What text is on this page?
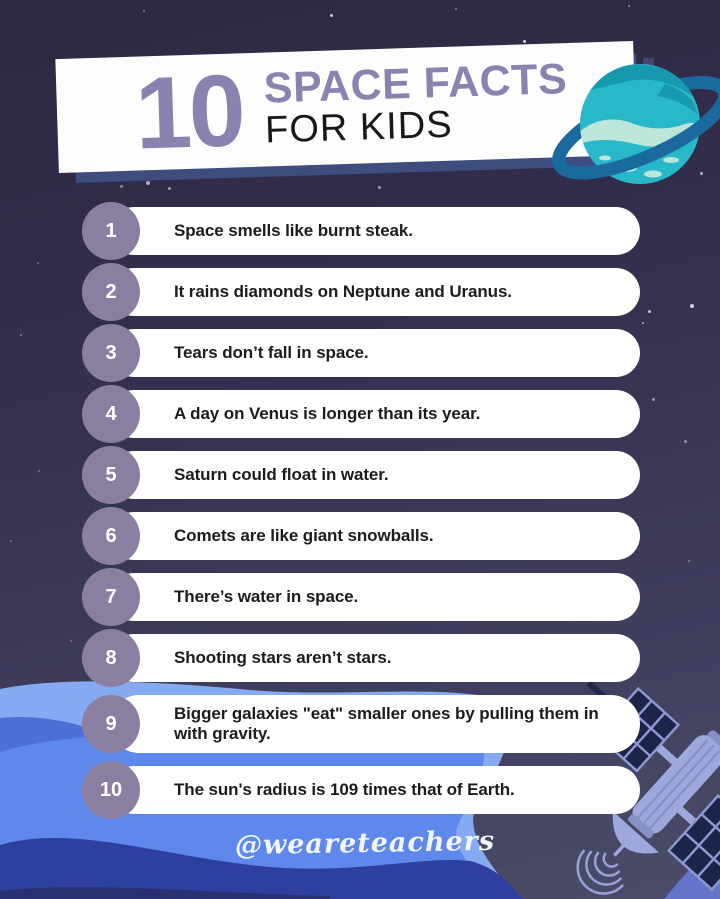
10 SPACE FACTS
FOR KIDS
Space smells like burnt steak.
1
It rains diamonds on Neptune and Uranus.
2
Tears don’t fall in space.
3
A day on Venus is longer than its year.
4
Saturn could float in water.
5
Comets are like giant snowballs.
6
There’s water in space.
7
Shooting stars aren’t stars.
8
Bigger galaxies "eat" smaller ones by pulling them in with gravity.
9
The sun's radius is 109 times that of Earth.
10
@weareteachers
